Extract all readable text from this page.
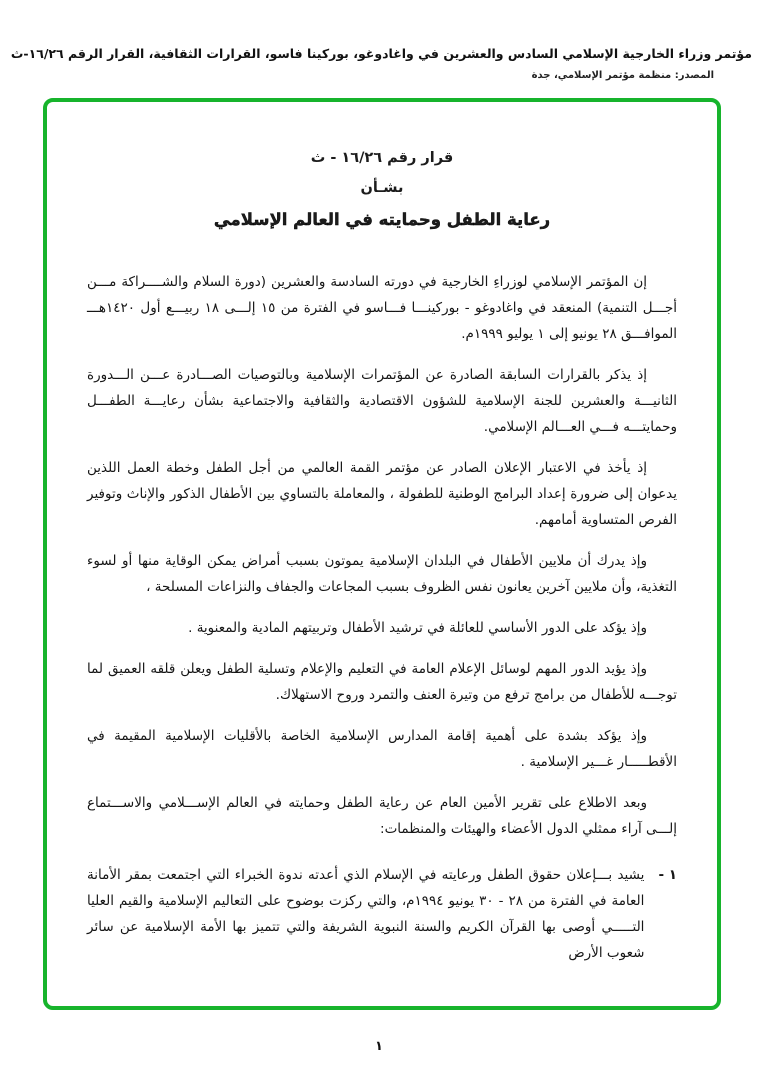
مؤتمر وزراء الخارجية الإسلامي السادس والعشرين في واغادوغو، بوركينا فاسو، القرارات الثقافية، القرار الرقم ١٦/٢٦-ث
المصدر: منظمة مؤتمر الإسلامي، جدة
قرار رقم ١٦/٢٦ - ث
بشـأن
رعاية الطفل وحمايته في العالم الإسلامي

إن المؤتمر الإسلامي لوزراءِ الخارجية في دورته السادسة والعشرين (دورة السلام والشــــراكة مـــن أجـــل التنمية) المنعقد في واغادوغو - بوركينـــا فـــاسو في الفترة من ١٥ إلـــى ١٨ ربيـــع أول ١٤٢٠هـــ الموافـــق ٢٨ يونيو إلى ١ يوليو ١٩٩٩م.

إذ يذكر بالقرارات السابقة الصادرة عن المؤتمرات الإسلامية وبالتوصيات الصـــادرة عـــن الـــدورة الثانيـــة والعشرين للجنة الإسلامية للشؤون الاقتصادية والثقافية والاجتماعية بشأن رعايـــة الطفـــل وحمايتـــه فـــي العـــالم الإسلامي.

إذ يأخذ في الاعتبار الإعلان الصادر عن مؤتمر القمة العالمي من أجل الطفل وخطة العمل اللذين يدعوان إلى ضرورة إعداد البرامج الوطنية للطفولة ، والمعاملة بالتساوي بين الأطفال الذكور والإناث وتوفير الفرص المتساوية أمامهم.

وإذ يدرك أن ملايين الأطفال في البلدان الإسلامية يموتون بسبب أمراض يمكن الوقاية منها أو لسوء التغذية، وأن ملايين آخرين يعانون نفس الظروف بسبب المجاعات والجفاف والنزاعات المسلحة ،

وإذ يؤكد على الدور الأساسي للعائلة في ترشيد الأطفال وتربيتهم المادية والمعنوية .

وإذ يؤيد الدور المهم لوسائل الإعلام العامة في التعليم والإعلام وتسلية الطفل ويعلن قلقه العميق لما توجـــه للأطفال من برامج ترفع من وتيرة العنف والتمرد وروح الاستهلاك.

وإذ يؤكد بشدة على أهمية إقامة المدارس الإسلامية الخاصة بالأقليات الإسلامية المقيمة في الأقطـــــار غـــير الإسلامية .

وبعد الاطلاع على تقرير الأمين العام عن رعاية الطفل وحمايته في العالم الإســـلامي والاســـتماع إلـــى آراء ممثلي الدول الأعضاء والهيئات والمنظمات:

١ -
يشيد بـــإعلان حقوق الطفل ورعايته في الإسلام الذي أعدته ندوة الخبراء التي اجتمعت بمقر الأمانة العامة في الفترة من ٢٨ - ٣٠ يونيو ١٩٩٤م، والتي ركزت بوضوح على التعاليم الإسلامية والقيم العليا التـــــي أوصى بها القرآن الكريم والسنة النبوية الشريفة والتي تتميز بها الأمة الإسلامية عن سائر شعوب الأرض
١
